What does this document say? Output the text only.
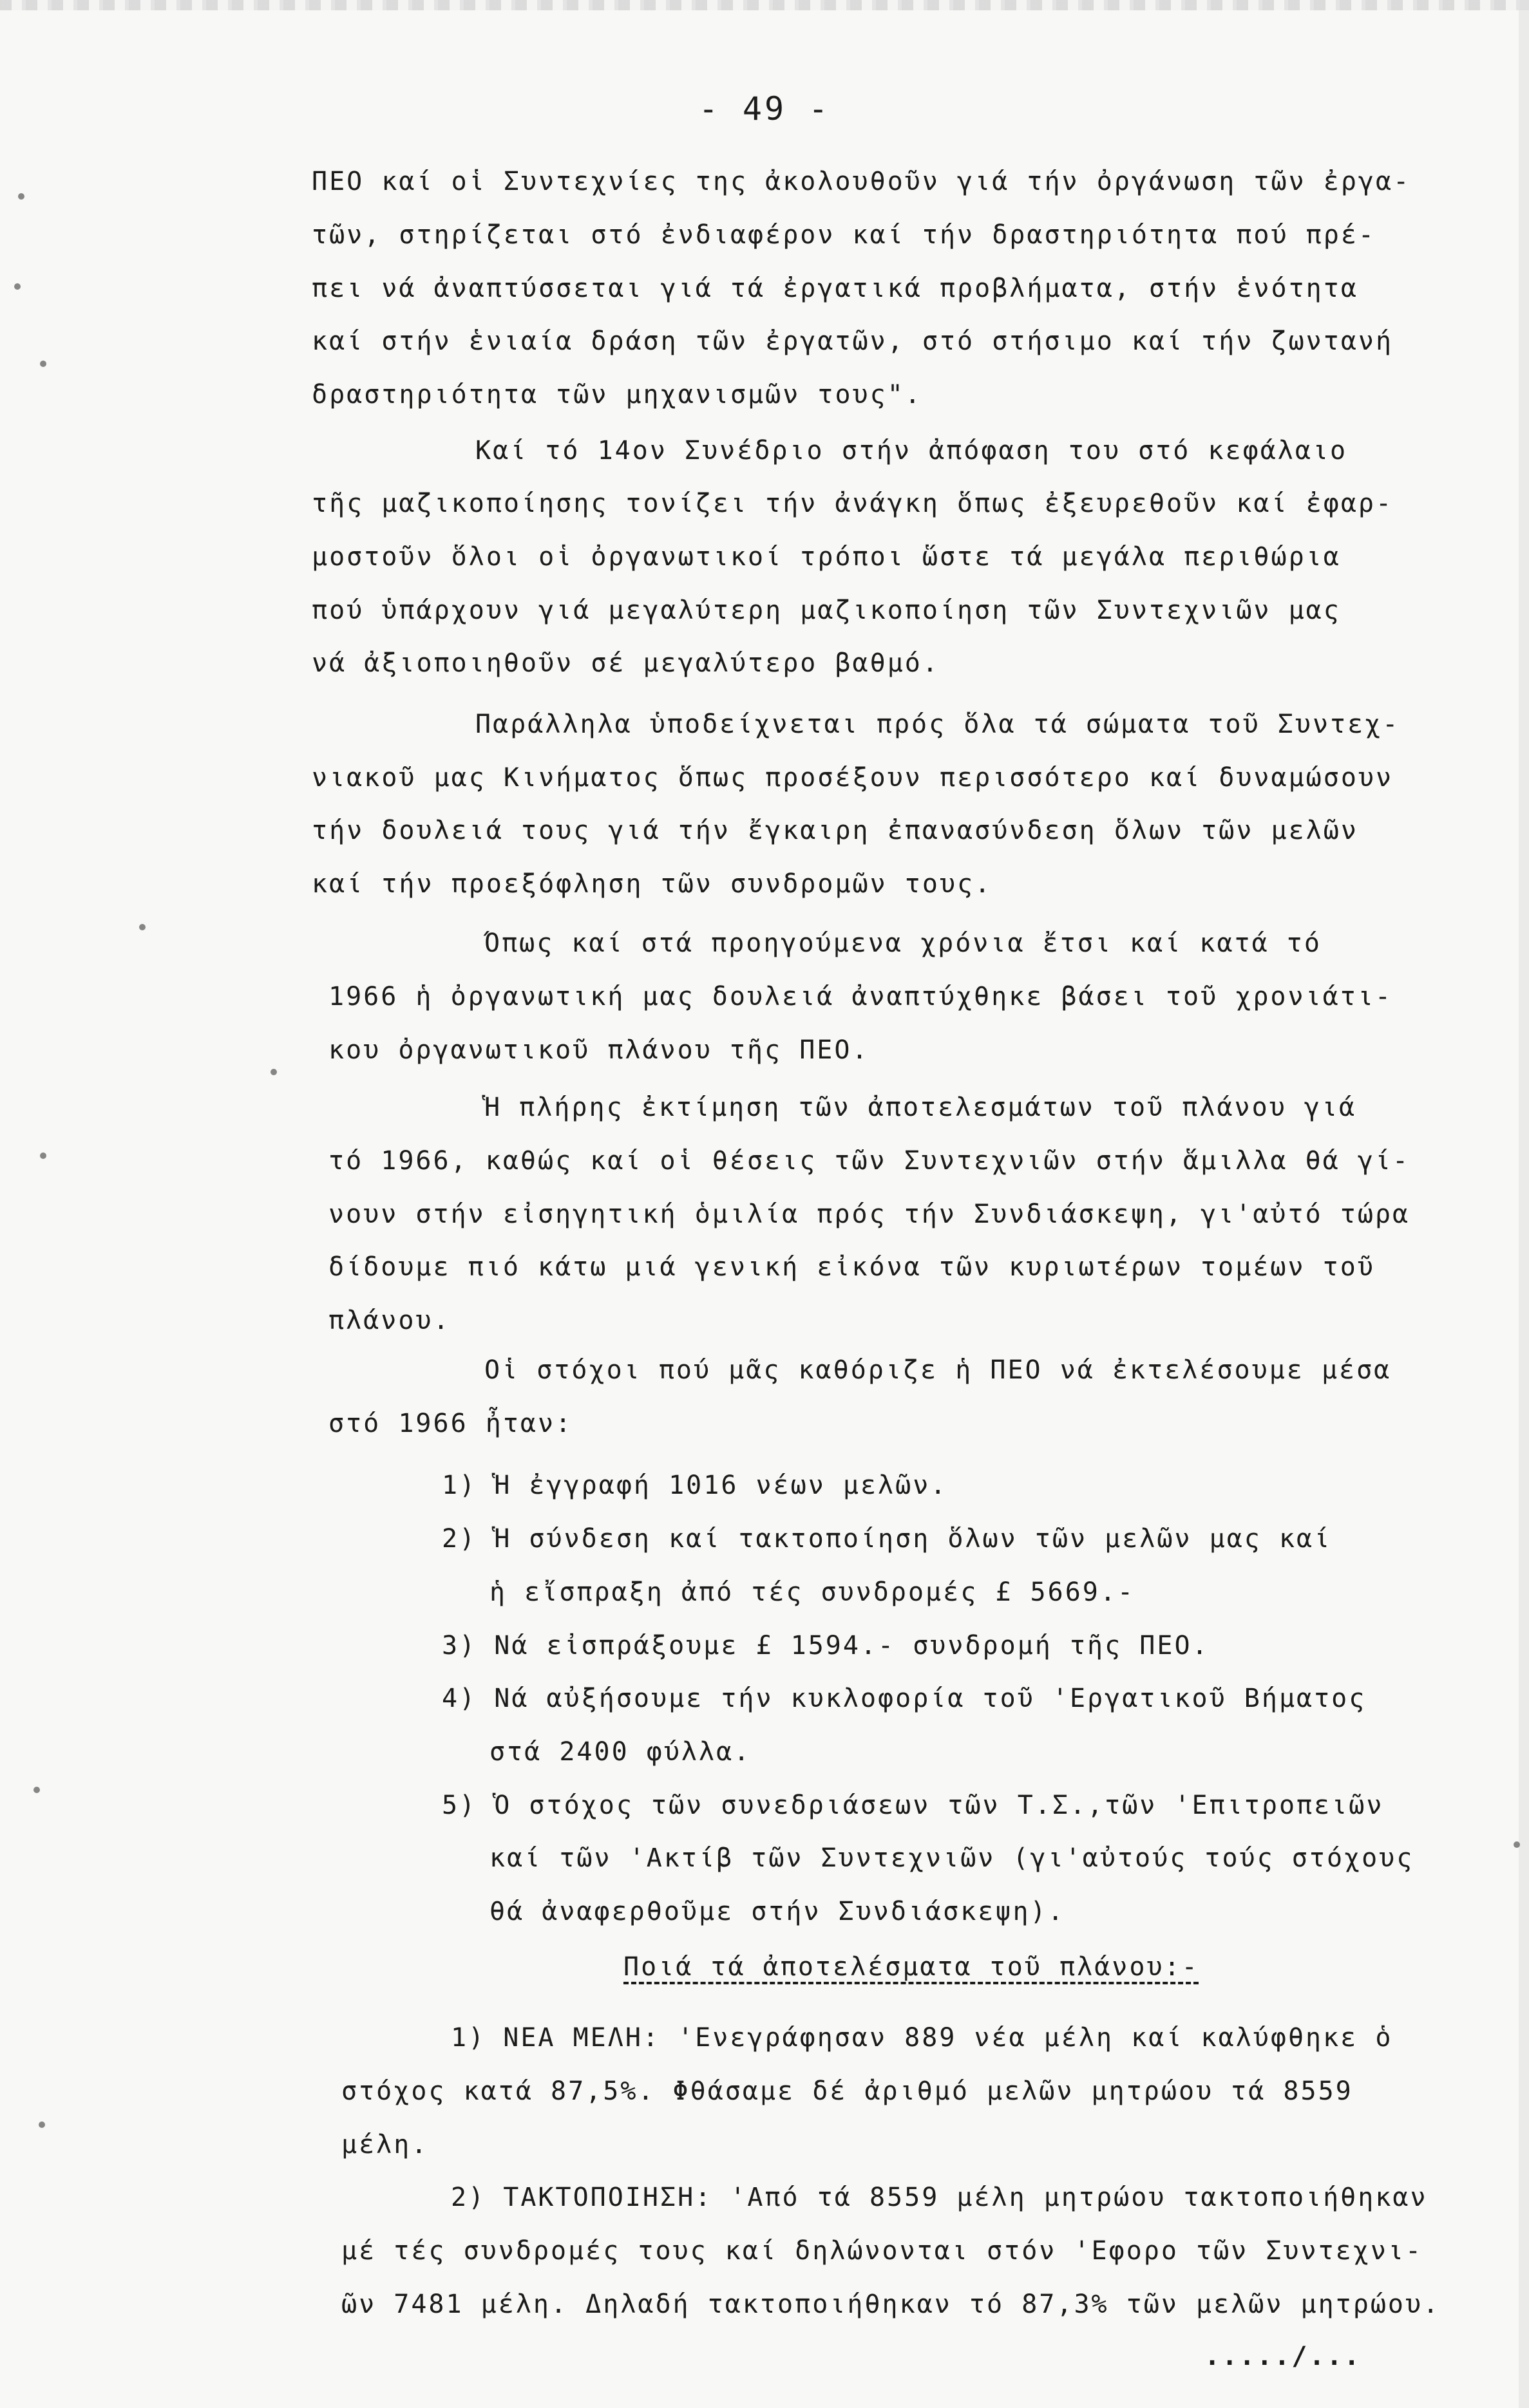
- 49 -
ΠΕΟ καί οἱ Συντεχνίες της ἀκολουθοῦν γιά τήν ὀργάνωση τῶν ἐργα-
τῶν, στηρίζεται στό ἐνδιαφέρον καί τήν δραστηριότητα πού πρέ-
πει νά ἀναπτύσσεται γιά τά ἐργατικά προβλήματα, στήν ἑνότητα
καί στήν ἑνιαία δράση τῶν ἐργατῶν, στό στήσιμο καί τήν ζωντανή
δραστηριότητα τῶν μηχανισμῶν τους".
Καί τό 14ον Συνέδριο στήν ἀπόφαση του στό κεφάλαιο
τῆς μαζικοποίησης τονίζει τήν ἀνάγκη ὅπως ἐξευρεθοῦν καί ἐφαρ-
μοστοῦν ὅλοι οἱ ὀργανωτικοί τρόποι ὥστε τά μεγάλα περιθώρια
πού ὑπάρχουν γιά μεγαλύτερη μαζικοποίηση τῶν Συντεχνιῶν μας
νά ἀξιοποιηθοῦν σέ μεγαλύτερο βαθμό.
Παράλληλα ὑποδείχνεται πρός ὅλα τά σώματα τοῦ Συντεχ-
νιακοῦ μας Κινήματος ὅπως προσέξουν περισσότερο καί δυναμώσουν
τήν δουλειά τους γιά τήν ἔγκαιρη ἐπανασύνδεση ὅλων τῶν μελῶν
καί τήν προεξόφληση τῶν συνδρομῶν τους.
Όπως καί στά προηγούμενα χρόνια ἔτσι καί κατά τό
1966 ἡ ὀργανωτική μας δουλειά ἀναπτύχθηκε βάσει τοῦ χρονιάτι-
κου ὀργανωτικοῦ πλάνου τῆς ΠΕΟ.
Ἡ πλήρης ἐκτίμηση τῶν ἀποτελεσμάτων τοῦ πλάνου γιά
τό 1966, καθώς καί οἱ θέσεις τῶν Συντεχνιῶν στήν ἅμιλλα θά γί-
νουν στήν εἰσηγητική ὁμιλία πρός τήν Συνδιάσκεψη, γι'αὐτό τώρα
δίδουμε πιό κάτω μιά γενική εἰκόνα τῶν κυριωτέρων τομέων τοῦ
πλάνου.
Οἱ στόχοι πού μᾶς καθόριζε ἡ ΠΕΟ νά ἐκτελέσουμε μέσα
στό 1966 ἦταν:
1) Ἡ ἐγγραφή 1016 νέων μελῶν.
2) Ἡ σύνδεση καί τακτοποίηση ὅλων τῶν μελῶν μας καί
ἡ εἴσπραξη ἀπό τές συνδρομές £ 5669.-
3) Νά εἰσπράξουμε £ 1594.- συνδρομή τῆς ΠΕΟ.
4) Νά αὐξήσουμε τήν κυκλοφορία τοῦ 'Εργατικοῦ Βήματος
στά 2400 φύλλα.
5) Ὁ στόχος τῶν συνεδριάσεων τῶν Τ.Σ.,τῶν 'Επιτροπειῶν
καί τῶν 'Ακτίβ τῶν Συντεχνιῶν (γι'αὐτούς τούς στόχους
θά ἀναφερθοῦμε στήν Συνδιάσκεψη).
Ποιά τά ἀποτελέσματα τοῦ πλάνου:-
1) ΝΕΑ ΜΕΛΗ: 'Ενεγράφησαν 889 νέα μέλη καί καλύφθηκε ὁ
στόχος κατά 87,5%. Φθάσαμε δέ ἀριθμό μελῶν μητρώου τά 8559
μέλη.
2) ΤΑΚΤΟΠΟΙΗΣΗ: 'Από τά 8559 μέλη μητρώου τακτοποιήθηκαν
μέ τές συνδρομές τους καί δηλώνονται στόν 'Εφορο τῶν Συντεχνι-
ῶν 7481 μέλη. Δηλαδή τακτοποιήθηκαν τό 87,3% τῶν μελῶν μητρώου.
...../...
